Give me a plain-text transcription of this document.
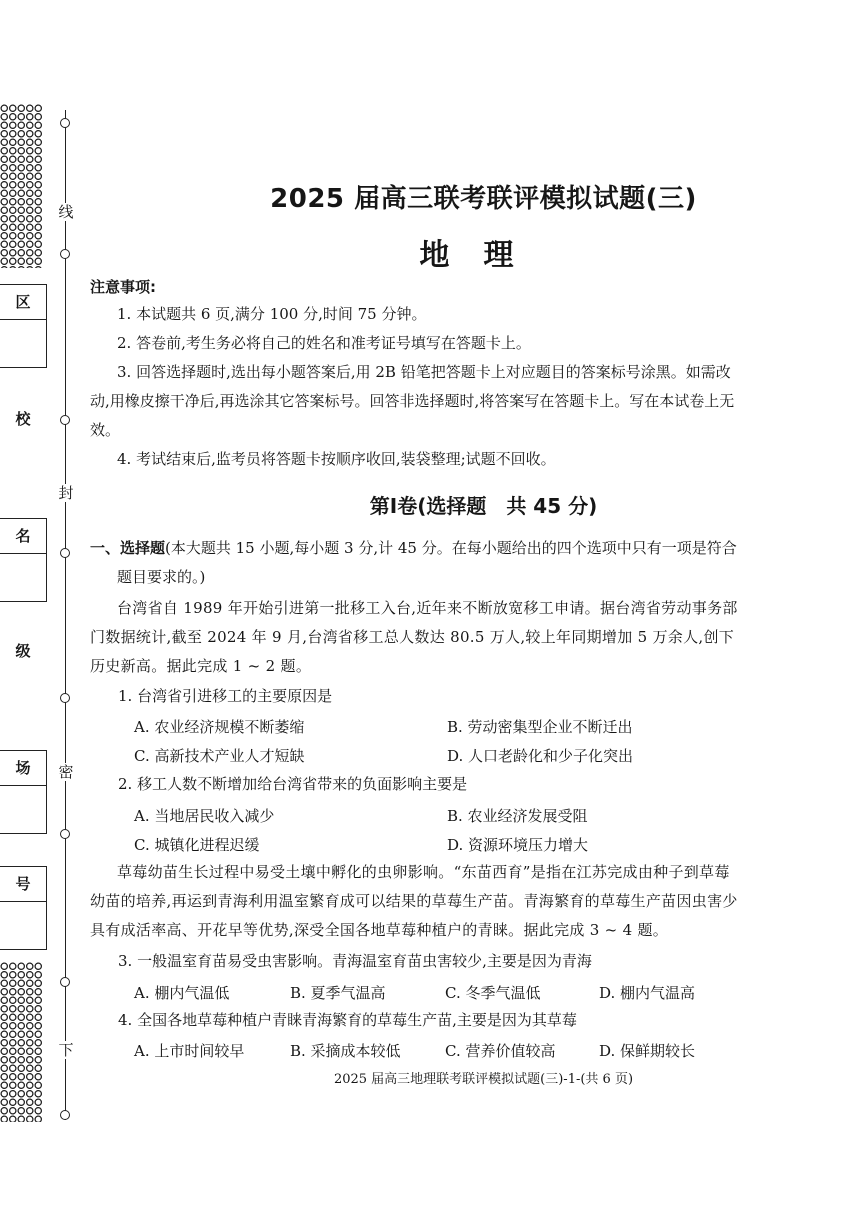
线
封
密
下
区
校
名
级
场
号
2025 届高三联考联评模拟试题(三)
地理
注意事项:

1. 本试题共 6 页,满分 100 分,时间 75 分钟。

2. 答卷前,考生务必将自己的姓名和准考证号填写在答题卡上。

3. 回答选择题时,选出每小题答案后,用 2B 铅笔把答题卡上对应题目的答案标号涂黑。如需改动,用橡皮擦干净后,再选涂其它答案标号。回答非选择题时,将答案写在答题卡上。写在本试卷上无效。

4. 考试结束后,监考员将答题卡按顺序收回,装袋整理;试题不回收。

第Ⅰ卷(选择题　共 45 分)

一、选择题(本大题共 15 小题,每小题 3 分,计 45 分。在每小题给出的四个选项中只有一项是符合题目要求的。)

台湾省自 1989 年开始引进第一批移工入台,近年来不断放宽移工申请。据台湾省劳动事务部门数据统计,截至 2024 年 9 月,台湾省移工总人数达 80.5 万人,较上年同期增加 5 万余人,创下历史新高。据此完成 1 ~ 2 题。

1. 台湾省引进移工的主要原因是
A. 农业经济规模不断萎缩	B. 劳动密集型企业不断迁出
C. 高新技术产业人才短缺	D. 人口老龄化和少子化突出
2. 移工人数不断增加给台湾省带来的负面影响主要是
A. 当地居民收入减少	B. 农业经济发展受阻
C. 城镇化进程迟缓	D. 资源环境压力增大

草莓幼苗生长过程中易受土壤中孵化的虫卵影响。“东苗西育”是指在江苏完成由种子到草莓幼苗的培养,再运到青海利用温室繁育成可以结果的草莓生产苗。青海繁育的草莓生产苗因虫害少具有成活率高、开花早等优势,深受全国各地草莓种植户的青睐。据此完成 3 ~ 4 题。

3. 一般温室育苗易受虫害影响。青海温室育苗虫害较少,主要是因为青海
A. 棚内气温低	B. 夏季气温高	C. 冬季气温低	D. 棚内气温高
4. 全国各地草莓种植户青睐青海繁育的草莓生产苗,主要是因为其草莓
A. 上市时间较早	B. 采摘成本较低	C. 营养价值较高	D. 保鲜期较长
2025 届高三地理联考联评模拟试题(三)-1-(共 6 页)
